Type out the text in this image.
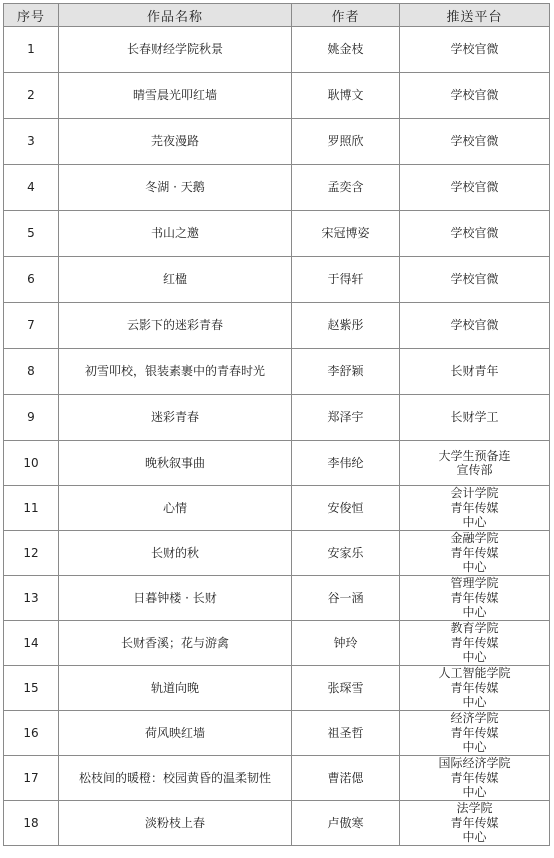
序号	作品名称	作者	推送平台
1	长春财经学院秋景	姚金枝	学校官微

2	晴雪晨光叩红墙	耿博文	学校官微

3	芫夜漫路	罗照欣	学校官微

4	冬湖 · 天鹅	孟奕含	学校官微

5	书山之邀	宋冠博姿	学校官微

6	红楹	于得轩	学校官微

7	云影下的迷彩青春	赵紫彤	学校官微

8	初雪叩校，银装素裹中的青春时光	李舒颖	长财青年

9	迷彩青春	郑泽宇	长财学工

10	晚秋叙事曲	李伟纶	大学生预备连
宣传部

11	心情	安俊恒	会计学院
青年传媒
中心

12	长财的秋	安家乐	金融学院
青年传媒
中心

13	日暮钟楼 · 长财	谷一涵	管理学院
青年传媒
中心

14	长财香溪；花与游禽	钟玲	教育学院
青年传媒
中心

15	轨道向晚	张琛雪	人工智能学院
青年传媒
中心

16	荷风映红墙	祖圣哲	经济学院
青年传媒
中心

17	松枝间的暖橙：校园黄昏的温柔韧性	曹渃偲	国际经济学院
青年传媒
中心

18	淡粉枝上春	卢傲寒	法学院
青年传媒
中心
